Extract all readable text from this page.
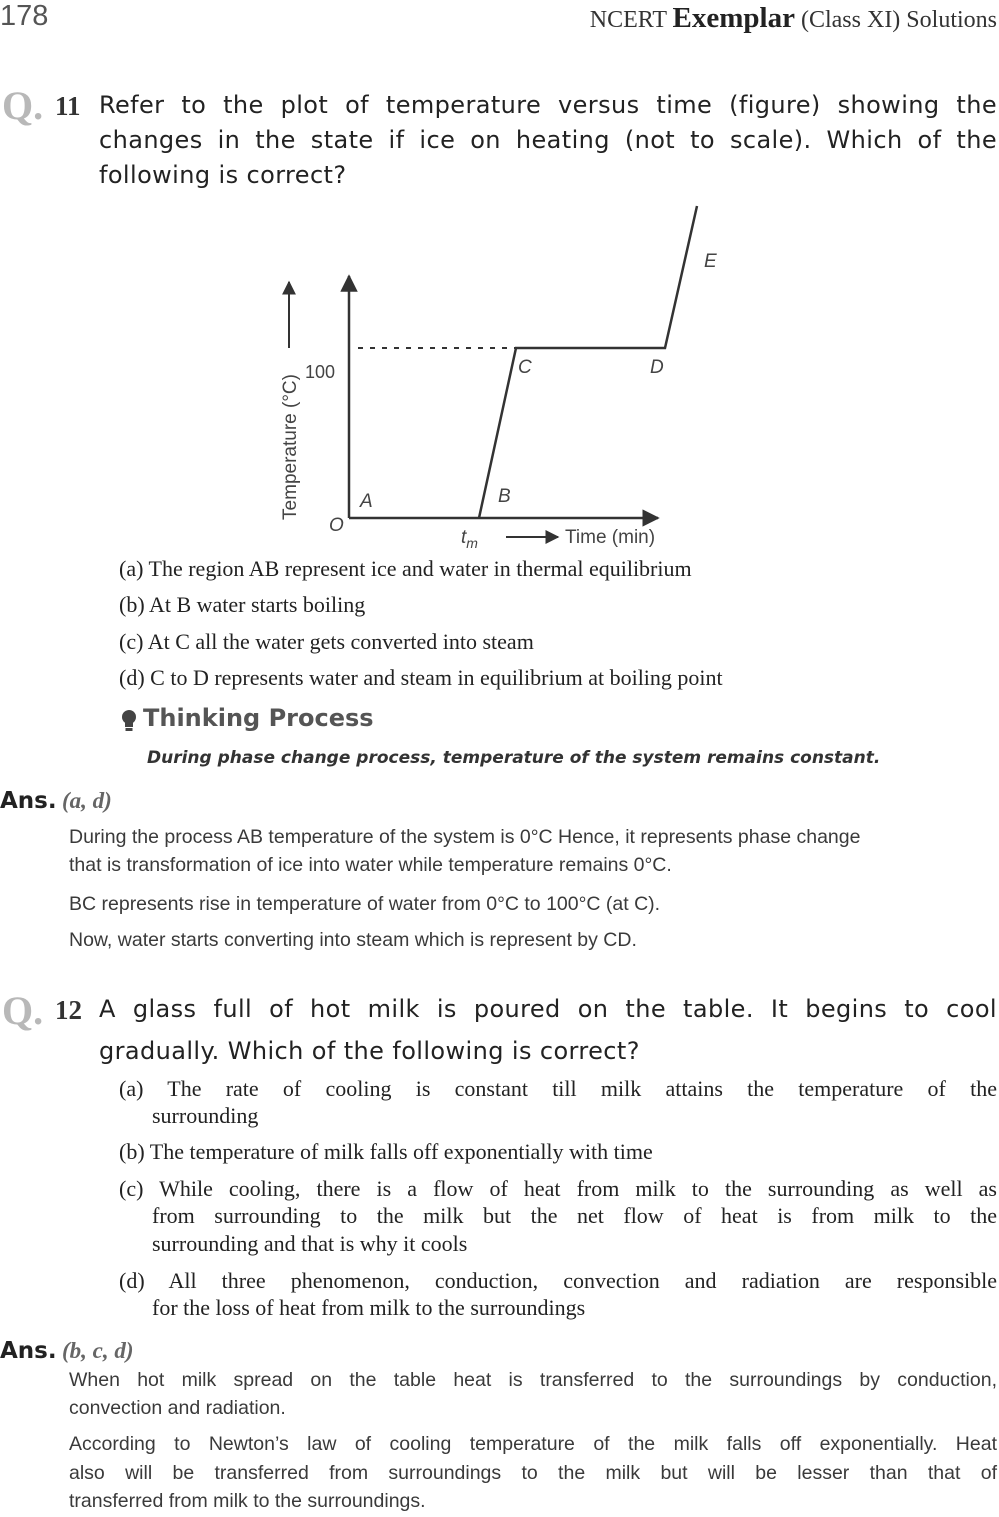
178	NCERT Exemplar (Class XI) Solutions
Q. 11 Refer to the plot of temperature versus time (figure) showing the
changes in the state if ice on heating (not to scale). Which of the
following is correct?
Temperature (°C)
100
O
A	B
C	D
E
$t_m$	Time (min)
(a) The region AB represent ice and water in thermal equilibrium
(b) At B water starts boiling
(c) At C all the water gets converted into steam
(d) C to D represents water and steam in equilibrium at boiling point
Thinking Process
During phase change process, temperature of the system remains constant.
Ans. (a, d)
During the process AB temperature of the system is 0°C Hence, it represents phase change
that is transformation of ice into water while temperature remains 0°C.
BC represents rise in temperature of water from 0°C to 100°C (at C).
Now, water starts converting into steam which is represent by CD.
Q. 12 A glass full of hot milk is poured on the table. It begins to cool
gradually. Which of the following is correct?
(a) The rate of cooling is constant till milk attains the temperature of the
surrounding
(b) The temperature of milk falls off exponentially with time
(c) While cooling, there is a flow of heat from milk to the surrounding as well as
from surrounding to the milk but the net flow of heat is from milk to the
surrounding and that is why it cools
(d) All three phenomenon, conduction, convection and radiation are responsible
for the loss of heat from milk to the surroundings
Ans. (b, c, d)
When hot milk spread on the table heat is transferred to the surroundings by conduction,
convection and radiation.
According to Newton’s law of cooling temperature of the milk falls off exponentially. Heat
also will be transferred from surroundings to the milk but will be lesser than that of
transferred from milk to the surroundings.
